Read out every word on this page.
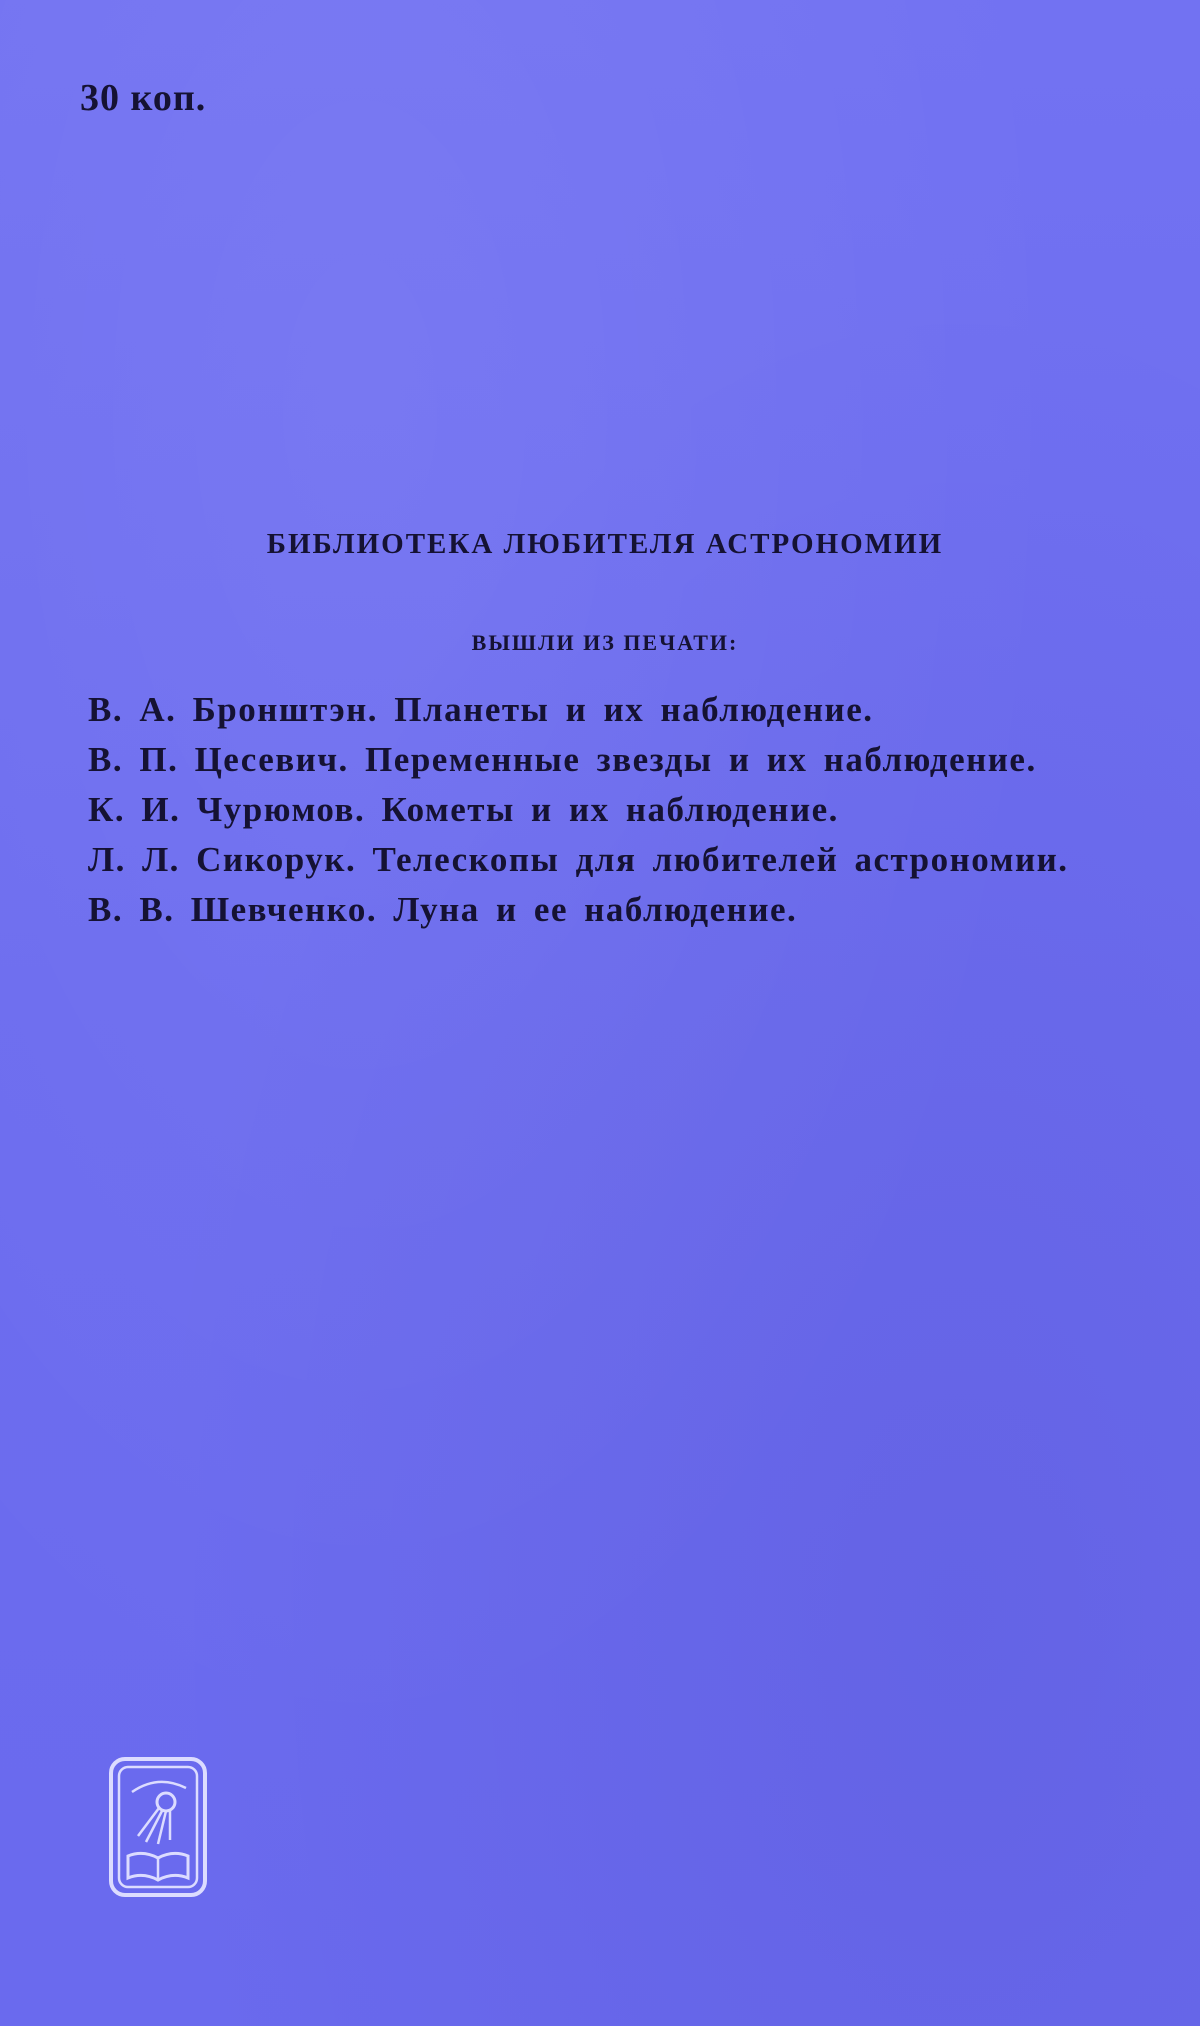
30 коп.
БИБЛИОТЕКА ЛЮБИТЕЛЯ АСТРОНОМИИ
ВЫШЛИ ИЗ ПЕЧАТИ:
В. А. Бронштэн. Планеты и их наблюдение.
В. П. Цесевич. Переменные звезды и их наблюдение.
К. И. Чурюмов. Кометы и их наблюдение.
Л. Л. Сикорук. Телескопы для любителей астрономии.
В. В. Шевченко. Луна и ее наблюдение.
